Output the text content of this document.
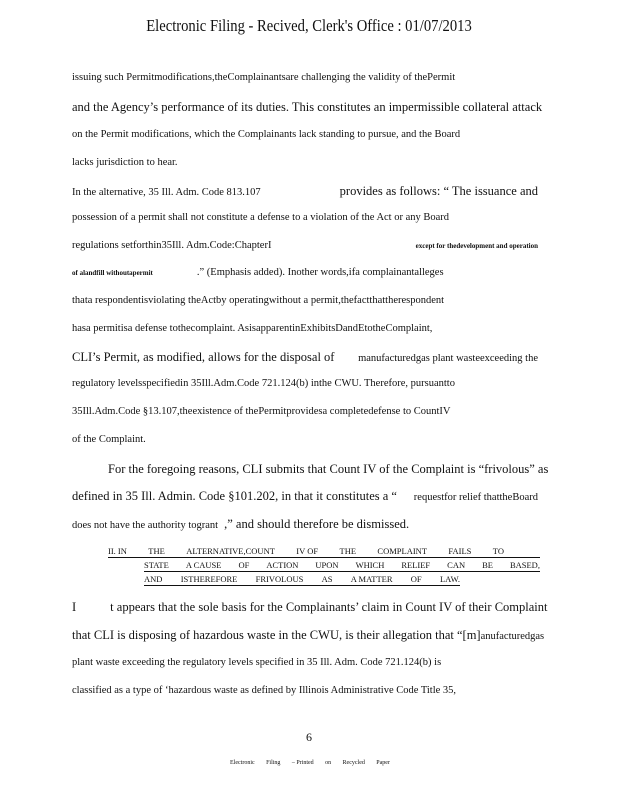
Electronic Filing - Recived, Clerk's Office : 01/07/2013

issuing such Permitmodifications,theComplainantsare challenging the validity of thePermit

and the Agency’s performance of its duties. This constitutes an impermissible collateral attack

on the Permit modifications, which the Complainants lack standing to pursue, and the Board

lacks jurisdiction to hear.

In the alternative, 35 Ill. Adm. Code 813.107	provides as follows: “ The issuance and

possession of a permit shall not constitute a defense to a violation of the Act or any Board

regulations setforthin35Ill. Adm.Code:ChapterI	except for thedevelopment and operation

of alandfill withoutapermit	.” (Emphasis added). Inother words,ifa complainantalleges

thata respondentisviolating theActby operatingwithout a permit,thefactthattherespondent

hasa permitisa defense tothecomplaint. AsisapparentinExhibitsDandEtotheComplaint,

CLI’s Permit, as modified, allows for the disposal of manufacturedgas plant wasteexceeding the

regulatory levelsspecifiedin 35Ill.Adm.Code 721.124(b) inthe CWU. Therefore, pursuantto

35Ill.Adm.Code §13.107,theexistence of thePermitprovidesa completedefense to CountIV

of the Complaint.

For the foregoing reasons, CLI submits that Count IV of the Complaint is “frivolous” as

defined in 35 Ill. Admin. Code §101.202, in that it constitutes a “ requestfor relief thattheBoard

does not have the authority togrant ,” and should therefore be dismissed.

II. IN	THE	ALTERNATIVE,COUNT	IV OF	THE	COMPLAINT	FAILS	TO
STATE A CAUSE OF ACTION UPON WHICH RELIEF CAN BE BASED,
AND ISTHEREFORE FRIVOLOUS AS A MATTER OF LAW.

I	t appears that the sole basis for the Complainants’ claim in Count IV of their Complaint

that CLI is disposing of hazardous waste in the CWU, is their allegation that “[m] anufacturedgas

plant waste exceeding the regulatory levels specified in 35 Ill. Adm. Code 721.124(b) is

classified as a type of ‘hazardous waste as defined by Illinois Administrative Code Title 35,

6
Electronic Filing – Printed on Recycled Paper
